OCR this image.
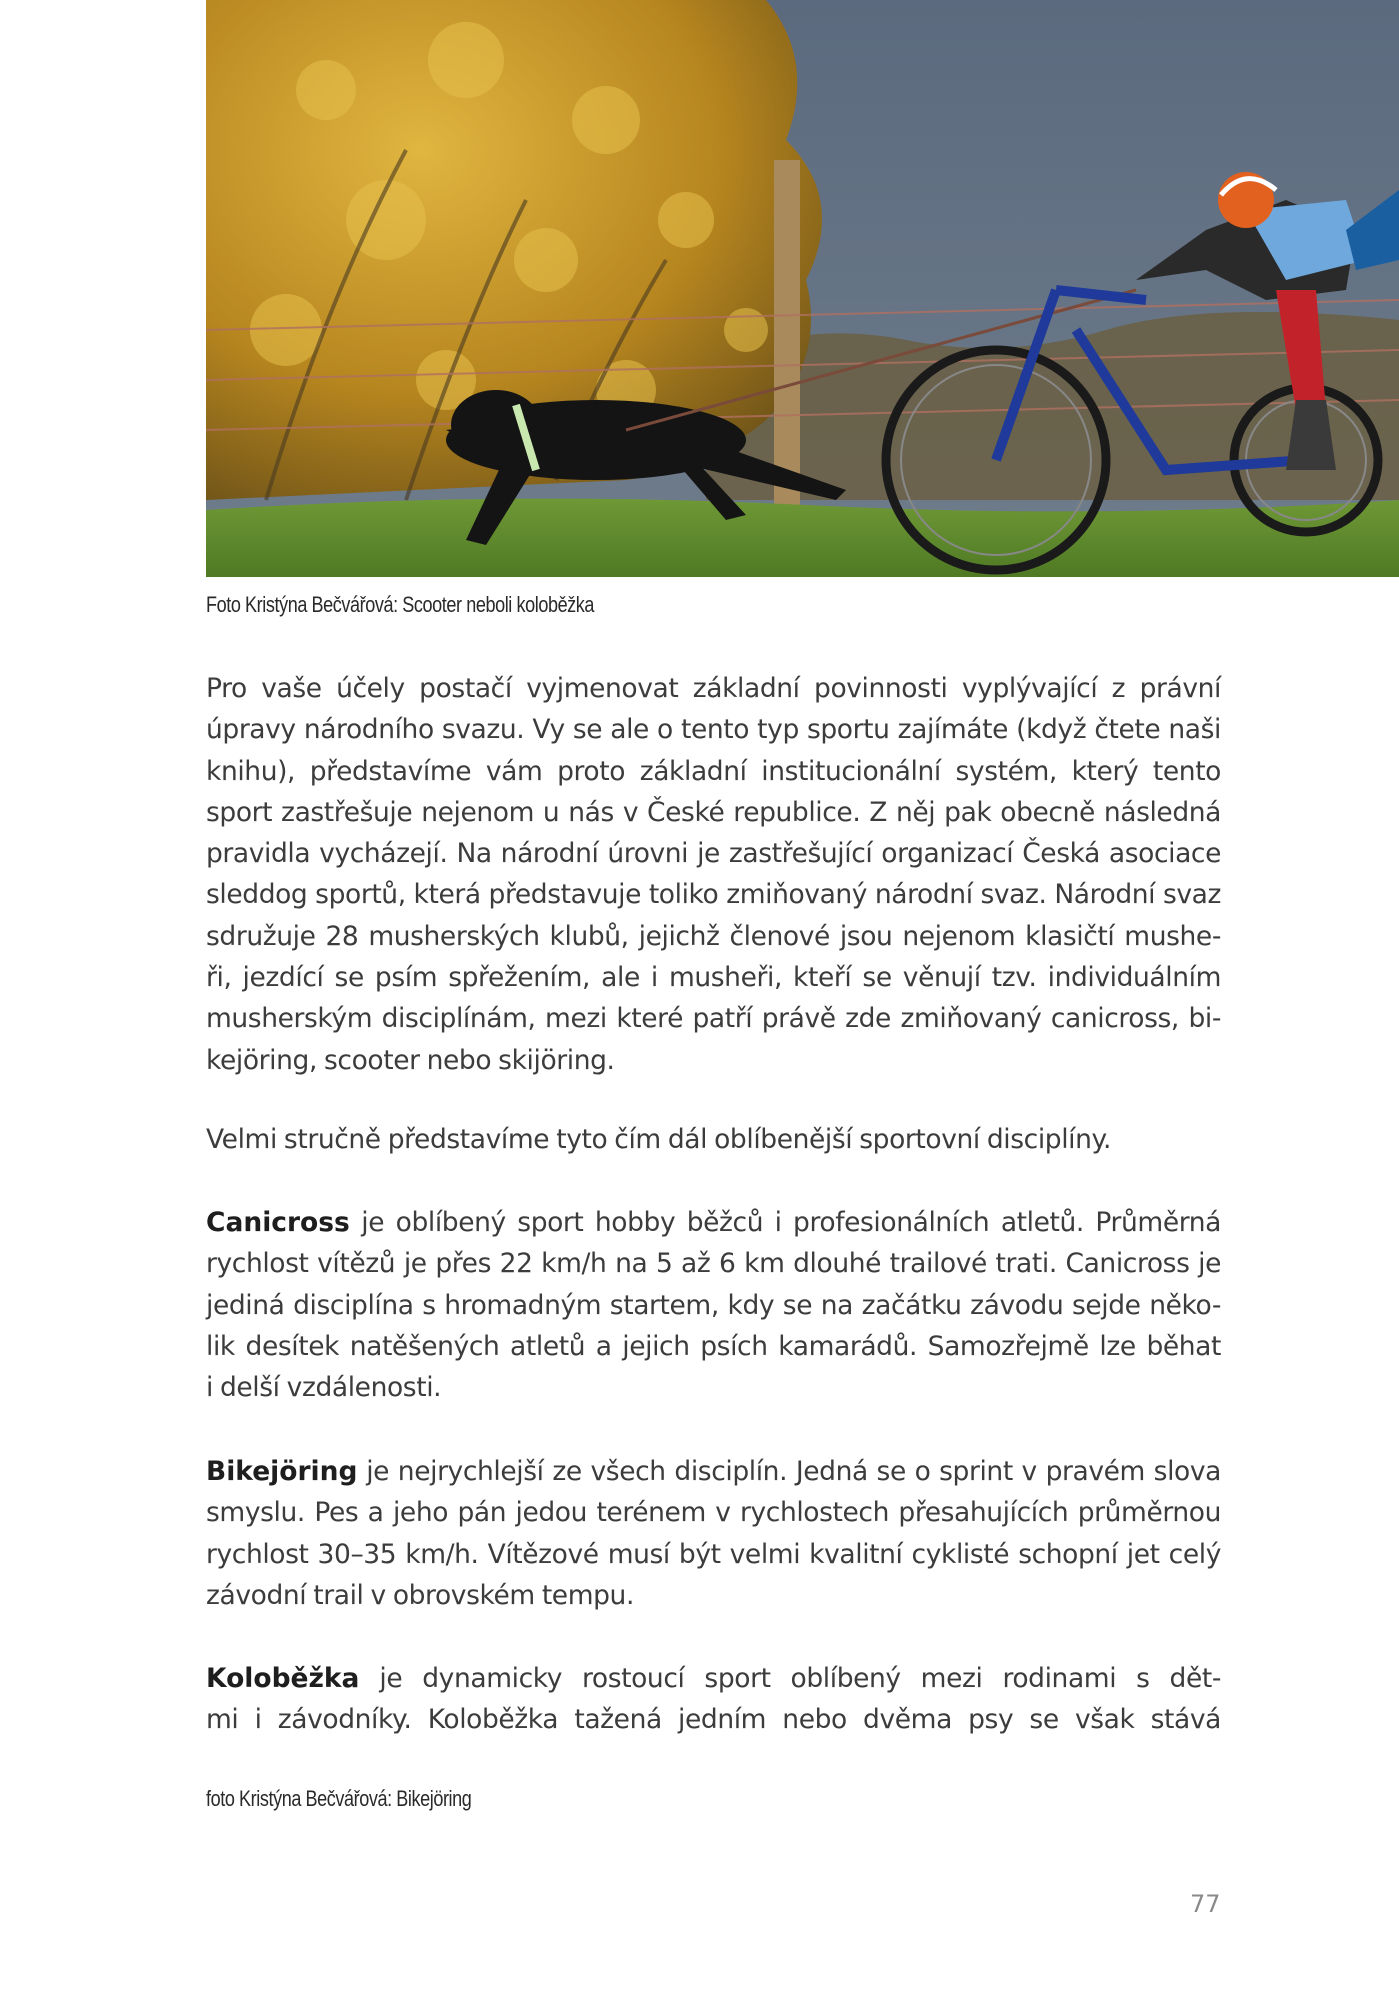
Foto Kristýna Bečvářová: Scooter neboli koloběžka
Pro vaše účely postačí vyjmenovat základní povinnosti vyplývající z právní
úpravy národního svazu. Vy se ale o tento typ sportu zajímáte (když čtete naši
knihu), představíme vám proto základní institucionální systém, který tento
sport zastřešuje nejenom u nás v České republice. Z něj pak obecně následná
pravidla vycházejí. Na národní úrovni je zastřešující organizací Česká asociace
sleddog sportů, která představuje toliko zmiňovaný národní svaz. Národní svaz
sdružuje 28 musherských klubů, jejichž členové jsou nejenom klasičtí mushe-
ři, jezdící se psím spřežením, ale i musheři, kteří se věnují tzv. individuálním
musherským disciplínám, mezi které patří právě zde zmiňovaný canicross, bi-
kejöring, scooter nebo skijöring.
Velmi stručně představíme tyto čím dál oblíbenější sportovní disciplíny.
Canicross je oblíbený sport hobby běžců i profesionálních atletů. Průměrná
rychlost vítězů je přes 22 km/h na 5 až 6 km dlouhé trailové trati. Canicross je
jediná disciplína s hromadným startem, kdy se na začátku závodu sejde něko-
lik desítek natěšených atletů a jejich psích kamarádů. Samozřejmě lze běhat
i delší vzdálenosti.
Bikejöring je nejrychlejší ze všech disciplín. Jedná se o sprint v pravém slova
smyslu. Pes a jeho pán jedou terénem v rychlostech přesahujících průměrnou
rychlost 30–35 km/h. Vítězové musí být velmi kvalitní cyklisté schopní jet celý
závodní trail v obrovském tempu.
Koloběžka je dynamicky rostoucí sport oblíbený mezi rodinami s dět-
mi i závodníky. Koloběžka tažená jedním nebo dvěma psy se však stává
foto Kristýna Bečvářová: Bikejöring
77
